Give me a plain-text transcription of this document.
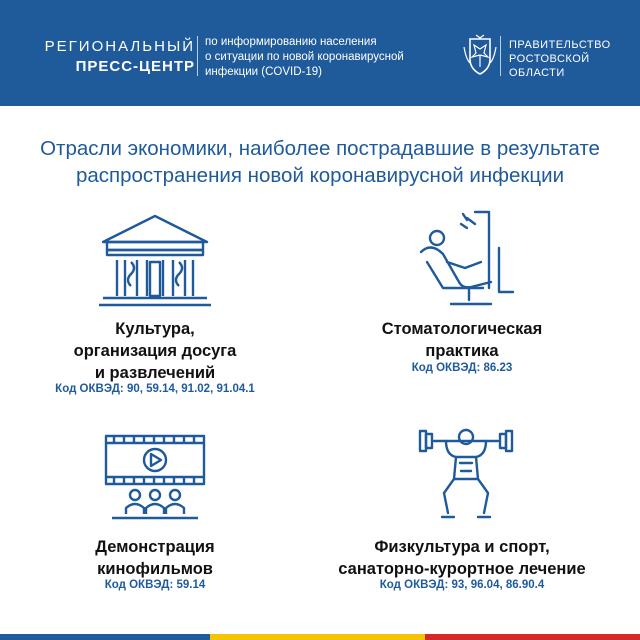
РЕГИОНАЛЬНЫЙ
ПРЕСС-ЦЕНТР
по информированию населения
о ситуации по новой коронавирусной
инфекции (COVID-19)
ПРАВИТЕЛЬСТВО
РОСТОВСКОЙ
ОБЛАСТИ
Отрасли экономики, наиболее пострадавшие в результате
распространения новой коронавирусной инфекции
Культура,
организация досуга
и развлечений
Код ОКВЭД: 90, 59.14, 91.02, 91.04.1
Стоматологическая
практика
Код ОКВЭД: 86.23
Демонстрация
кинофильмов
Код ОКВЭД: 59.14
Физкультура и спорт,
санаторно-курортное лечение
Код ОКВЭД: 93, 96.04, 86.90.4
